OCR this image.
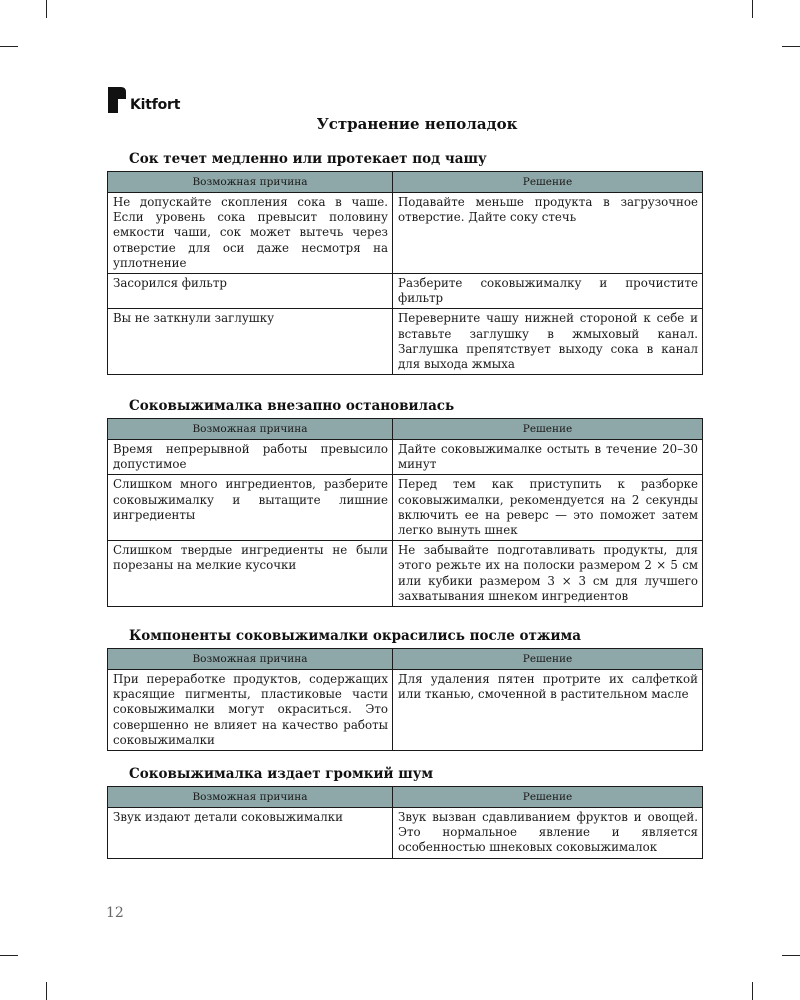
Kitfort
Устранение неполадок
Сок течет медленно или протекает под чашу
Возможная причина	Решение
Не допускайте скопления сока в чаше. Если уровень сока превысит половину емкости чаши, сок может вытечь через отверстие для оси даже несмотря на уплотнение	Подавайте меньше продукта в загрузочное отверстие. Дайте соку стечь
Засорился фильтр	Разберите соковыжималку и прочистите фильтр
Вы не заткнули заглушку	Переверните чашу нижней стороной к себе и вставьте заглушку в жмыховый канал. Заглушка препятствует выходу сока в канал для выхода жмыха
Соковыжималка внезапно остановилась
Возможная причина	Решение
Время непрерывной работы превысило допустимое	Дайте соковыжималке остыть в течение 20–30 минут
Слишком много ингредиентов, разберите соковыжималку и вытащите лишние ингредиенты	Перед тем как приступить к разборке соковыжималки, рекомендуется на 2 секунды включить ее на реверс — это поможет затем легко вынуть шнек
Слишком твердые ингредиенты не были порезаны на мелкие кусочки	Не забывайте подготавливать продукты, для этого режьте их на полоски размером 2 × 5 см или кубики размером 3 × 3 см для лучшего захватывания шнеком ингредиентов
Компоненты соковыжималки окрасились после отжима
Возможная причина	Решение
При переработке продуктов, содержащих красящие пигменты, пластиковые части соковыжималки могут окраситься. Это совершенно не влияет на качество работы соковыжималки	Для удаления пятен протрите их салфеткой или тканью, смоченной в растительном масле
Соковыжималка издает громкий шум
Возможная причина	Решение
Звук издают детали соковыжималки	Звук вызван сдавливанием фруктов и овощей. Это нормальное явление и является особенностью шнековых соковыжималок
12
